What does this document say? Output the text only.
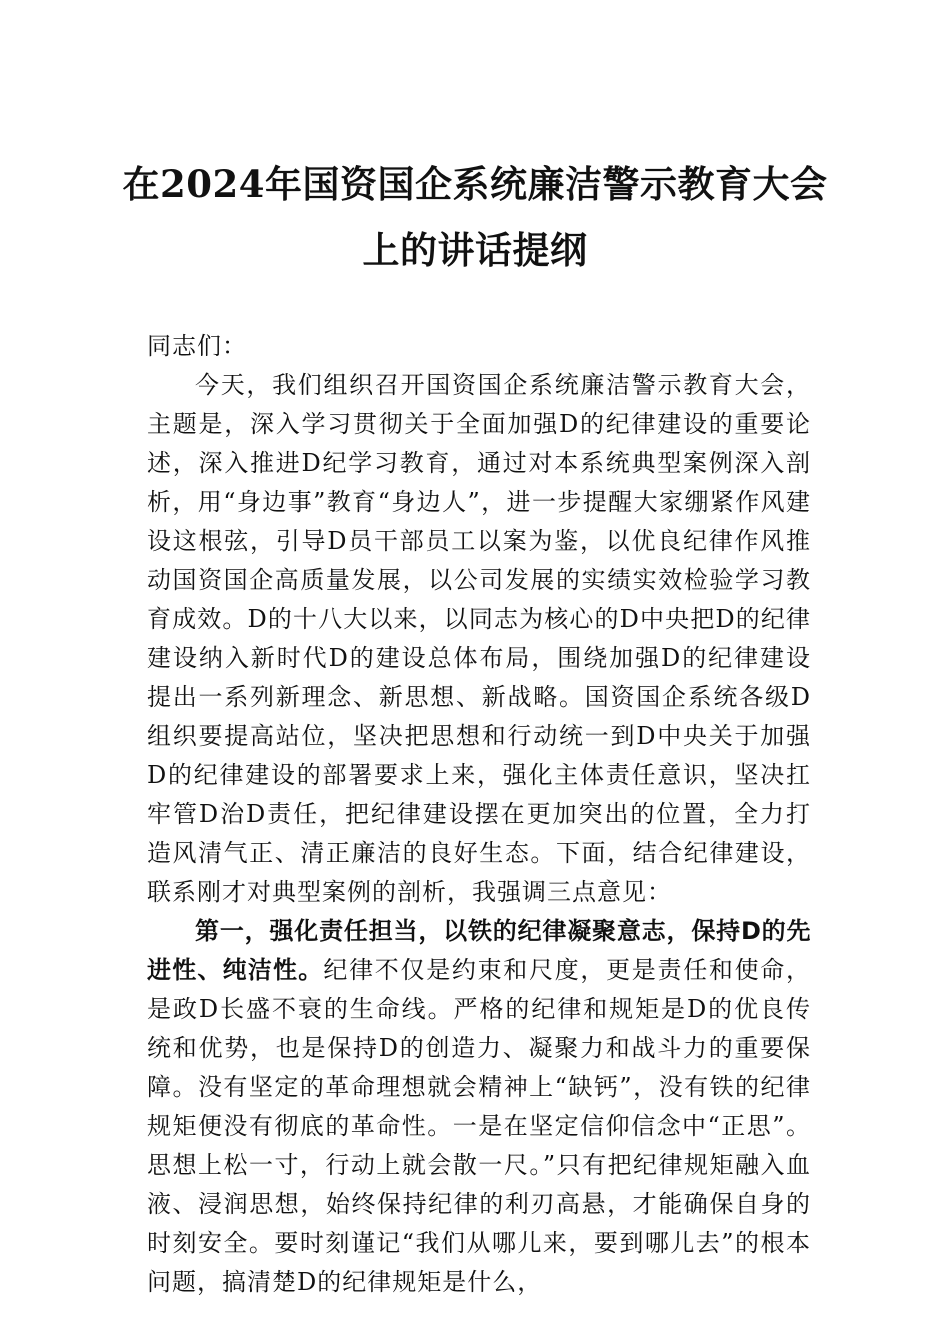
在2024年国资国企系统廉洁警示教育大会
上的讲话提纲

同志们：

今天，我们组织召开国资国企系统廉洁警示教育大会，主题是，深入学习贯彻关于全面加强D的纪律建设的重要论述，深入推进D纪学习教育，通过对本系统典型案例深入剖析，用“身边事”教育“身边人”，进一步提醒大家绷紧作风建设这根弦，引导D员干部员工以案为鉴，以优良纪律作风推动国资国企高质量发展，以公司发展的实绩实效检验学习教育成效。D的十八大以来，以同志为核心的D中央把D的纪律建设纳入新时代D的建设总体布局，围绕加强D的纪律建设提出一系列新理念、新思想、新战略。国资国企系统各级D组织要提高站位，坚决把思想和行动统一到D中央关于加强D的纪律建设的部署要求上来，强化主体责任意识，坚决扛牢管D治D责任，把纪律建设摆在更加突出的位置，全力打造风清气正、清正廉洁的良好生态。下面，结合纪律建设，联系刚才对典型案例的剖析，我强调三点意见：

第一，强化责任担当，以铁的纪律凝聚意志，保持D的先进性、纯洁性。纪律不仅是约束和尺度，更是责任和使命，是政D长盛不衰的生命线。严格的纪律和规矩是D的优良传统和优势，也是保持D的创造力、凝聚力和战斗力的重要保障。没有坚定的革命理想就会精神上“缺钙”，没有铁的纪律规矩便没有彻底的革命性。一是在坚定信仰信念中“正思”。思想上松一寸，行动上就会散一尺。”只有把纪律规矩融入血液、浸润思想，始终保持纪律的利刃高悬，才能确保自身的时刻安全。要时刻谨记“我们从哪儿来，要到哪儿去”的根本问题，搞清楚D的纪律规矩是什么，
